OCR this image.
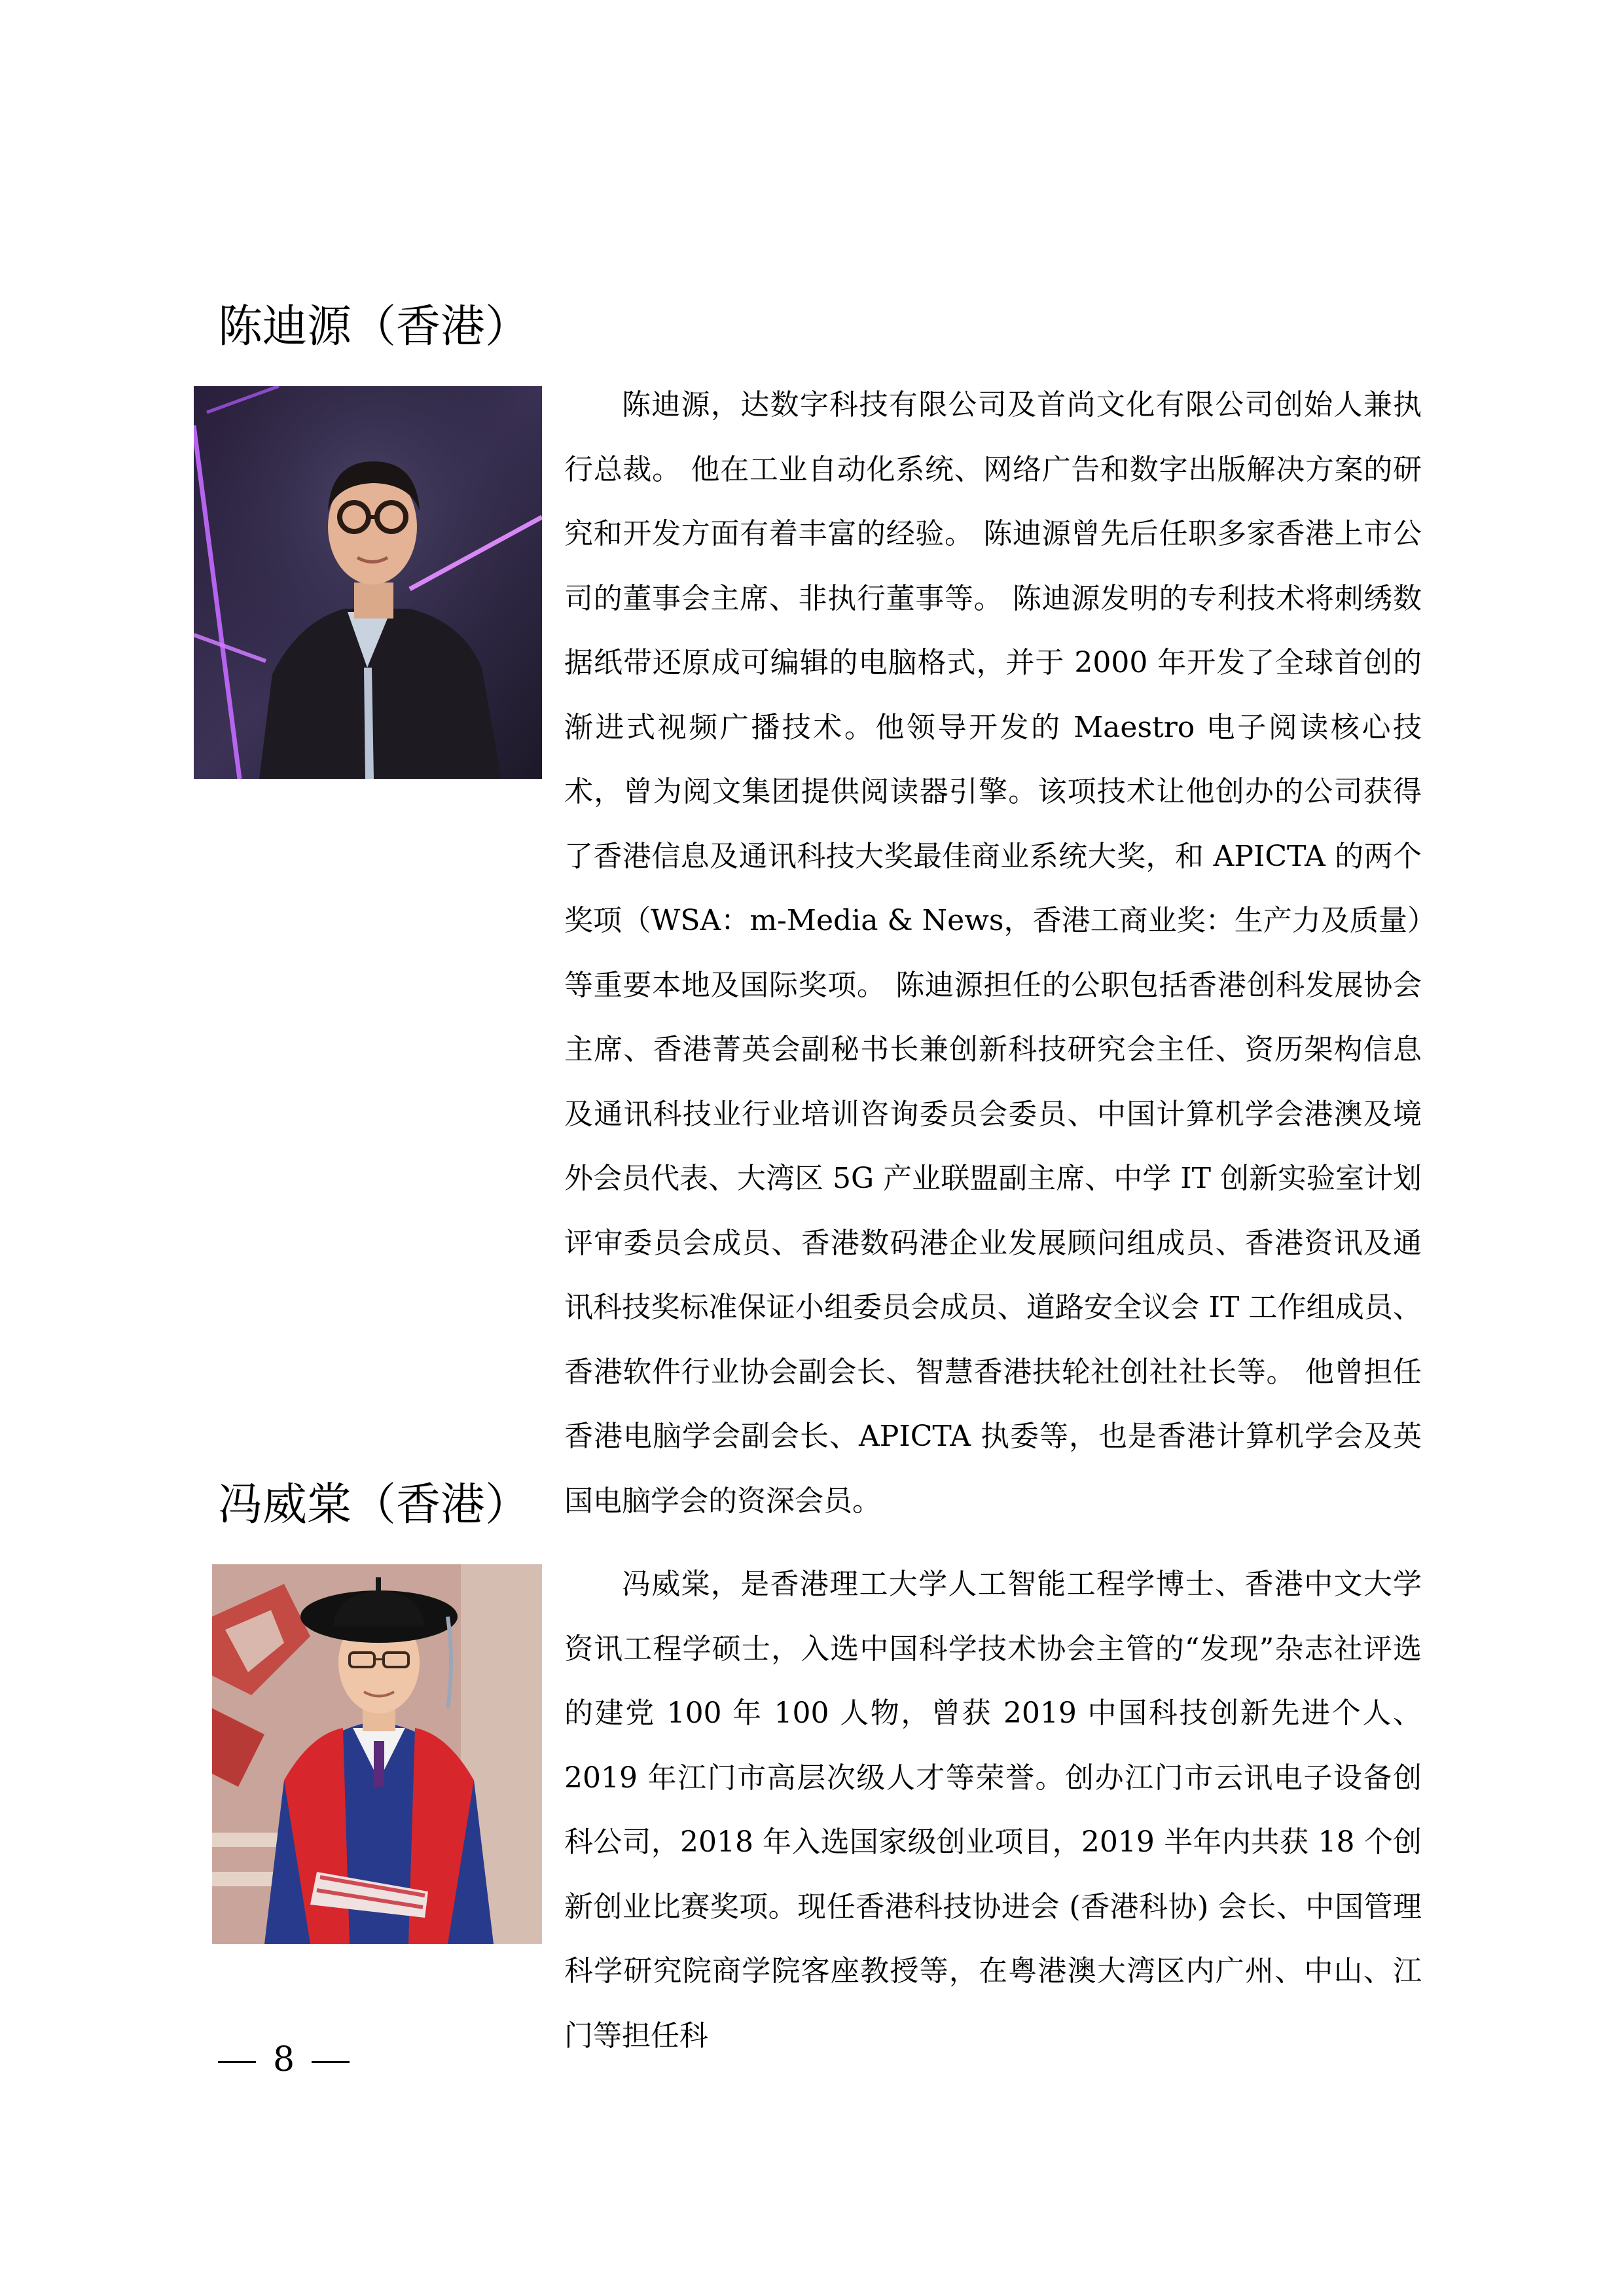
陈迪源（香港）

陈迪源，达数字科技有限公司及首尚文化有限公司创始人兼执行总裁。 他在工业自动化系统、网络广告和数字出版解决方案的研究和开发方面有着丰富的经验。 陈迪源曾先后任职多家香港上市公司的董事会主席、非执行董事等。 陈迪源发明的专利技术将刺绣数据纸带还原成可编辑的电脑格式，并于 2000 年开发了全球首创的渐进式视频广播技术。他领导开发的 Maestro 电子阅读核心技术，曾为阅文集团提供阅读器引擎。该项技术让他创办的公司获得了香港信息及通讯科技大奖最佳商业系统大奖，和 APICTA 的两个奖项（WSA：m-Media & News，香港工商业奖：生产力及质量）等重要本地及国际奖项。 陈迪源担任的公职包括香港创科发展协会主席、香港菁英会副秘书长兼创新科技研究会主任、资历架构信息及通讯科技业行业培训咨询委员会委员、中国计算机学会港澳及境外会员代表、大湾区 5G 产业联盟副主席、中学 IT 创新实验室计划评审委员会成员、香港数码港企业发展顾问组成员、香港资讯及通讯科技奖标准保证小组委员会成员、道路安全议会 IT 工作组成员、香港软件行业协会副会长、智慧香港扶轮社创社社长等。 他曾担任香港电脑学会副会长、APICTA 执委等，也是香港计算机学会及英国电脑学会的资深会员。

冯威棠（香港）

冯威棠，是香港理工大学人工智能工程学博士、香港中文大学资讯工程学硕士，入选中国科学技术协会主管的“发现”杂志社评选的建党 100 年 100 人物，曾获 2019 中国科技创新先进个人、2019 年江门市高层次级人才等荣誉。创办江门市云讯电子设备创科公司，2018 年入选国家级创业项目，2019 半年内共获 18 个创新创业比赛奖项。现任香港科技协进会 (香港科协) 会长、中国管理科学研究院商学院客座教授等，在粤港澳大湾区内广州、中山、江门等担任科

8
